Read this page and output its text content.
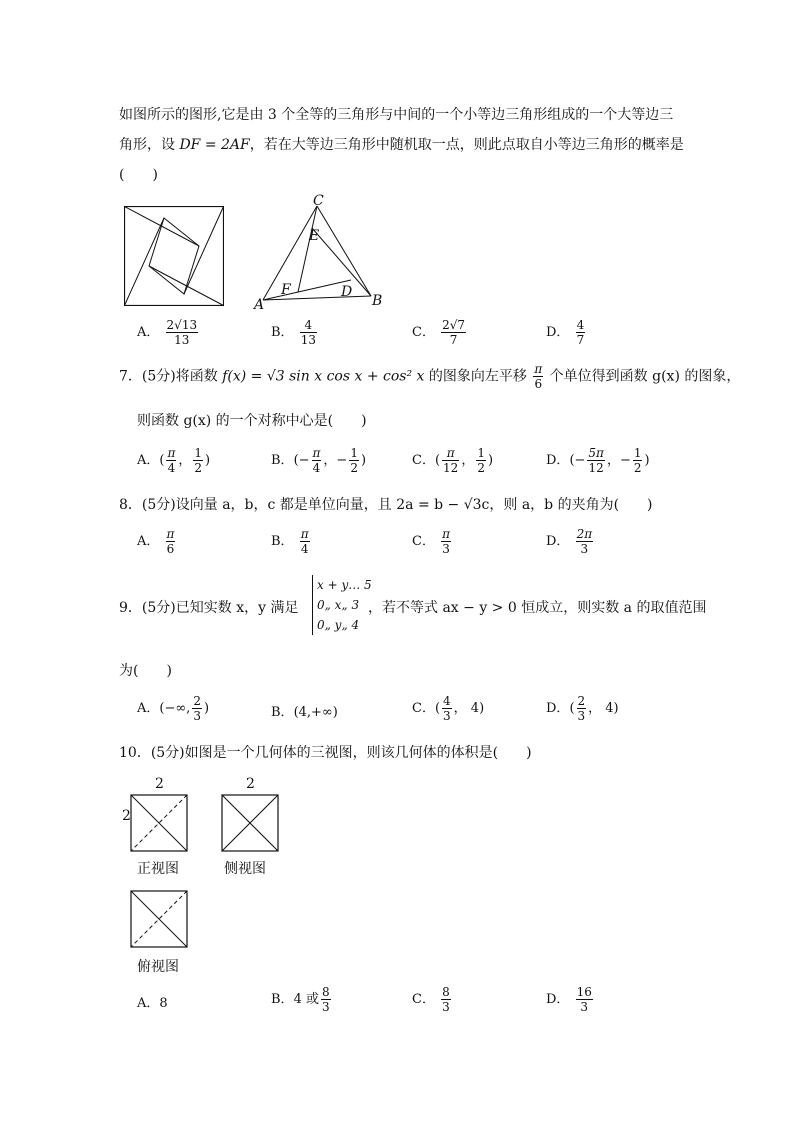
如图所示的图形,它是由 3 个全等的三角形与中间的一个小等边三角形组成的一个大等边三
角形，设 DF = 2AF，若在大等边三角形中随机取一点，则此点取自小等边三角形的概率是
(　　)
C
E
F	D
A	B
A． $\frac{2√13}{13}$	B． $\frac{4}{13}$	C． $\frac{2√7}{7}$	D． $\frac{4}{7}$
7．(5分)将函数 f(x) = √3 sin x cos x + cos² x 的图象向左平移 $\frac{\pi}{6}$ 个单位得到函数 g(x) 的图象，
则函数 g(x) 的一个对称中心是(　　)
A．( $\frac{\pi}{4}$ ， $\frac{1}{2}$ )	B．(− $\frac{\pi}{4}$ ，− $\frac{1}{2}$ )	C．( $\frac{\pi}{12}$ ， $\frac{1}{2}$ )	D．(− $\frac{5\pi}{12}$ ，− $\frac{1}{2}$ )
8．(5分)设向量 a，b，c 都是单位向量，且 2a = b − √3c，则 a，b 的夹角为(　　)
A． $\frac{\pi}{6}$	B． $\frac{\pi}{4}$	C． $\frac{\pi}{3}$	D． $\frac{2\pi}{3}$
9．(5分)已知实数 x，y 满足
x + y… 5
0„ x„ 3
0„ y„ 4
，若不等式 ax − y > 0 恒成立，则实数 a 的取值范围
为(　　)
A．(−∞, $\frac{2}{3}$ )	B．(4,+∞)	C．( $\frac{4}{3}$ ， 4)	D．( $\frac{2}{3}$ ， 4)
10．(5分)如图是一个几何体的三视图，则该几何体的体积是(　　)
2
2
正视图
2
侧视图
俯视图
A．8	B．4 或 $\frac{8}{3}$	C． $\frac{8}{3}$	D． $\frac{16}{3}$
